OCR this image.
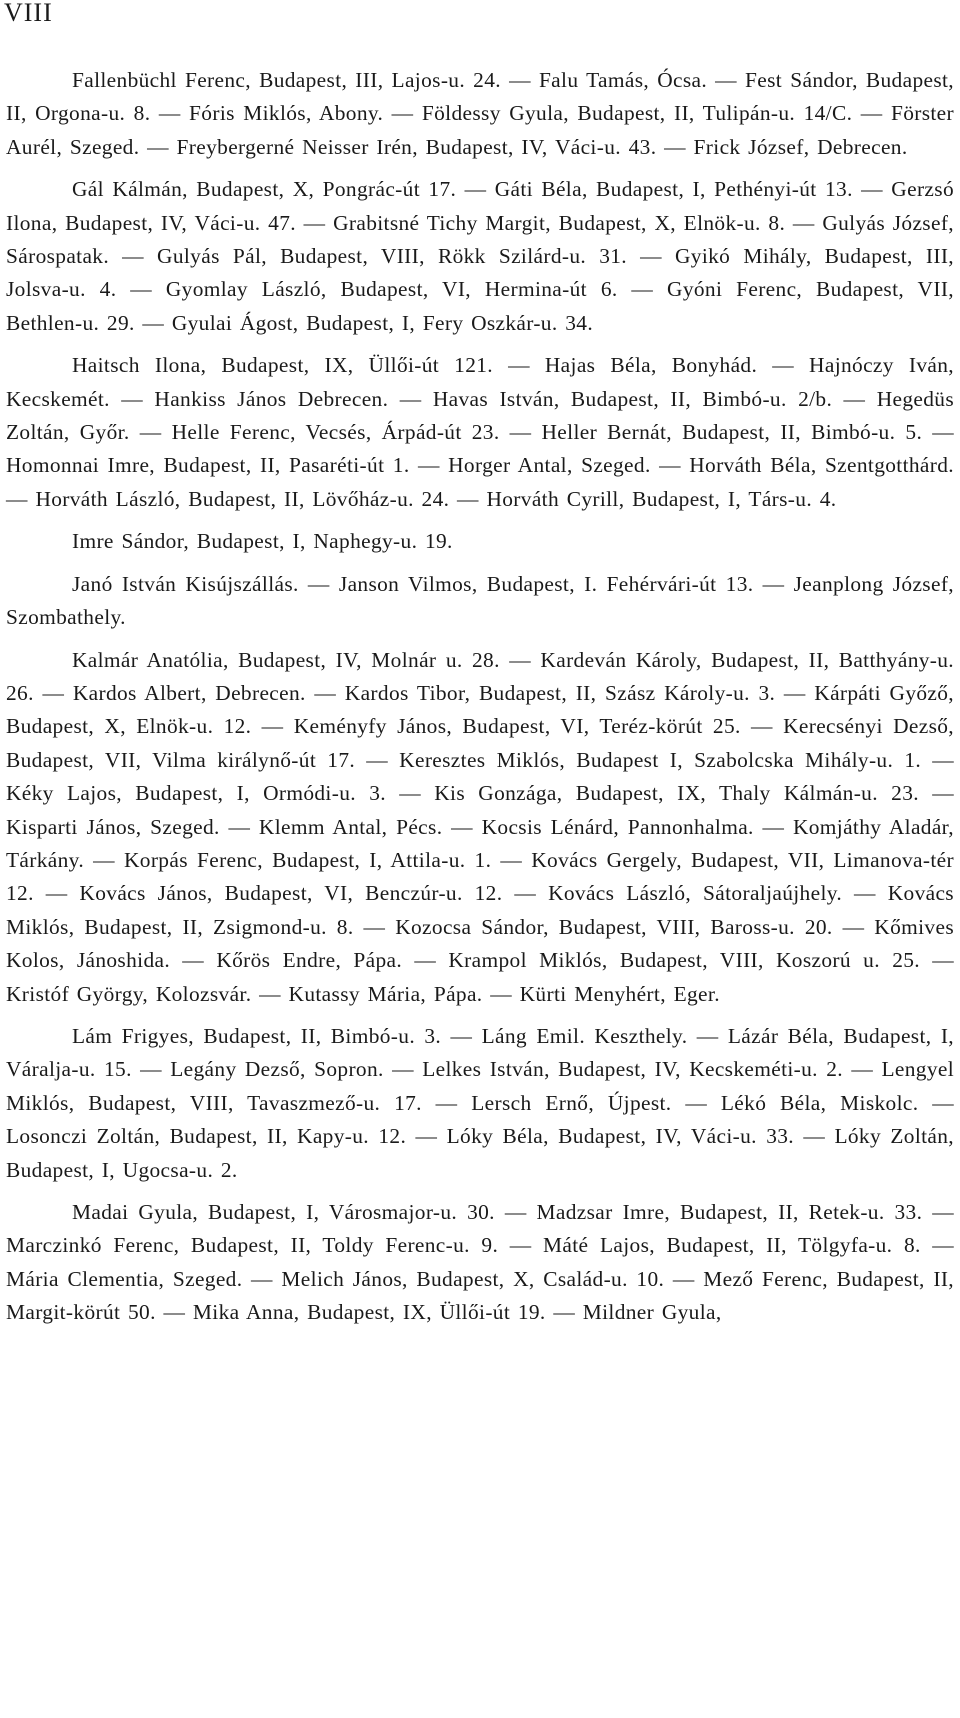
VIII

Fallenbüchl Ferenc, Budapest, III, Lajos-u. 24. — Falu Tamás, Ócsa. — Fest Sándor, Budapest, II, Orgona-u. 8. — Fóris Miklós, Abony. — Földessy Gyula, Budapest, II, Tulipán-u. 14/C. — Förster Aurél, Szeged. — Freybergerné Neisser Irén, Budapest, IV, Váci-u. 43. — Frick József, Debrecen.

Gál Kálmán, Budapest, X, Pongrác-út 17. — Gáti Béla, Budapest, I, Pethényi-út 13. — Gerzsó Ilona, Budapest, IV, Váci-u. 47. — Grabitsné Tichy Margit, Budapest, X, Elnök-u. 8. — Gulyás József, Sárospatak. — Gulyás Pál, Budapest, VIII, Rökk Szilárd-u. 31. — Gyikó Mihály, Budapest, III, Jolsva-u. 4. — Gyomlay László, Budapest, VI, Hermina-út 6. — Gyóni Ferenc, Budapest, VII, Bethlen-u. 29. — Gyulai Ágost, Budapest, I, Fery Oszkár-u. 34.

Haitsch Ilona, Budapest, IX, Üllői-út 121. — Hajas Béla, Bonyhád. — Hajnóczy Iván, Kecskemét. — Hankiss János Debrecen. — Havas István, Budapest, II, Bimbó-u. 2/b. — Hegedüs Zoltán, Győr. — Helle Ferenc, Vecsés, Árpád-út 23. — Heller Bernát, Budapest, II, Bimbó-u. 5. — Homonnai Imre, Budapest, II, Pasaréti-út 1. — Horger Antal, Szeged. — Horváth Béla, Szentgotthárd. — Horváth László, Budapest, II, Lövőház-u. 24. — Horváth Cyrill, Budapest, I, Társ-u. 4.

Imre Sándor, Budapest, I, Naphegy-u. 19.

Janó István Kisújszállás. — Janson Vilmos, Budapest, I. Fehérvári-út 13. — Jeanplong József, Szombathely.

Kalmár Anatólia, Budapest, IV, Molnár u. 28. — Kardeván Károly, Budapest, II, Batthyány-u. 26. — Kardos Albert, Debrecen. — Kardos Tibor, Budapest, II, Szász Károly-u. 3. — Kárpáti Győző, Budapest, X, Elnök-u. 12. — Keményfy János, Budapest, VI, Teréz-körút 25. — Kerecsényi Dezső, Budapest, VII, Vilma királynő-út 17. — Keresztes Miklós, Budapest I, Szabolcska Mihály-u. 1. — Kéky Lajos, Budapest, I, Ormódi-u. 3. — Kis Gonzága, Budapest, IX, Thaly Kálmán-u. 23. — Kisparti János, Szeged. — Klemm Antal, Pécs. — Kocsis Lénárd, Pannonhalma. — Komjáthy Aladár, Tárkány. — Korpás Ferenc, Budapest, I, Attila-u. 1. — Kovács Gergely, Budapest, VII, Limanova-tér 12. — Kovács János, Budapest, VI, Benczúr-u. 12. — Kovács László, Sátoraljaújhely. — Kovács Miklós, Budapest, II, Zsigmond-u. 8. — Kozocsa Sándor, Budapest, VIII, Baross-u. 20. — Kőmives Kolos, Jánoshida. — Kőrös Endre, Pápa. — Krampol Miklós, Budapest, VIII, Koszorú u. 25. — Kristóf György, Kolozsvár. — Kutassy Mária, Pápa. — Kürti Menyhért, Eger.

Lám Frigyes, Budapest, II, Bimbó-u. 3. — Láng Emil. Keszthely. — Lázár Béla, Budapest, I, Váralja-u. 15. — Legány Dezső, Sopron. — Lelkes István, Budapest, IV, Kecskeméti-u. 2. — Lengyel Miklós, Budapest, VIII, Tavaszmező-u. 17. — Lersch Ernő, Újpest. — Lékó Béla, Miskolc. — Losonczi Zoltán, Budapest, II, Kapy-u. 12. — Lóky Béla, Budapest, IV, Váci-u. 33. — Lóky Zoltán, Budapest, I, Ugocsa-u. 2.

Madai Gyula, Budapest, I, Városmajor-u. 30. — Madzsar Imre, Budapest, II, Retek-u. 33. — Marczinkó Ferenc, Budapest, II, Toldy Ferenc-u. 9. — Máté Lajos, Budapest, II, Tölgyfa-u. 8. — Mária Clementia, Szeged. — Melich János, Budapest, X, Család-u. 10. — Mező Ferenc, Budapest, II, Margit-körút 50. — Mika Anna, Budapest, IX, Üllői-út 19. — Mildner Gyula,
